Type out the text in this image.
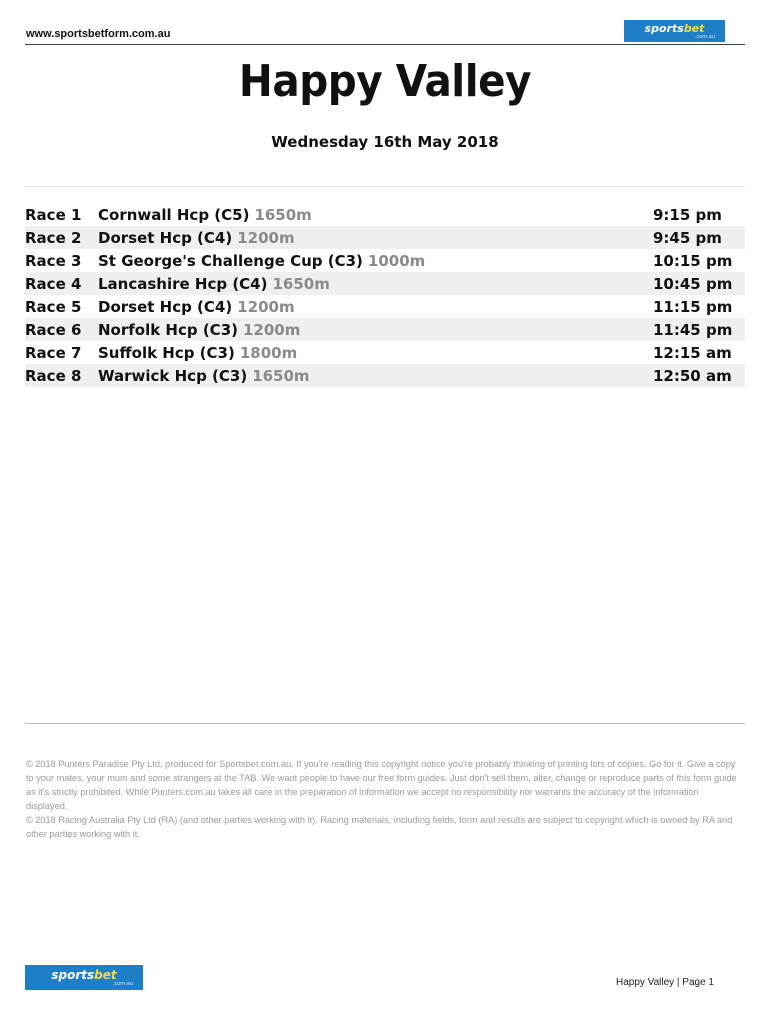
www.sportsbetform.com.au	sportsbet
.com.au
Happy Valley
Wednesday 16th May 2018
Race 1	Cornwall Hcp (C5) 1650m	9:15 pm
Race 2	Dorset Hcp (C4) 1200m	9:45 pm
Race 3	St George's Challenge Cup (C3) 1000m	10:15 pm
Race 4	Lancashire Hcp (C4) 1650m	10:45 pm
Race 5	Dorset Hcp (C4) 1200m	11:15 pm
Race 6	Norfolk Hcp (C3) 1200m	11:45 pm
Race 7	Suffolk Hcp (C3) 1800m	12:15 am
Race 8	Warwick Hcp (C3) 1650m	12:50 am

© 2018 Punters Paradise Pty Ltd, produced for Sportsbet.com.au. If you're reading this copyright notice you're probably thinking of printing lots of copies. Go for it. Give a copy to your mates, your mum and some strangers at the TAB. We want people to have our free form guides. Just don't sell them, alter, change or reproduce parts of this form guide as it's strictly prohibited. While Punters.com.au takes all care in the preparation of information we accept no responsibility nor warrants the accuracy of the information displayed.

© 2018 Racing Australia Pty Ltd (RA) (and other parties working with it). Racing materials, including fields, form and results are subject to copyright which is owned by RA and other parties working with it.

sportsbet
.com.au	Happy Valley | Page 1
